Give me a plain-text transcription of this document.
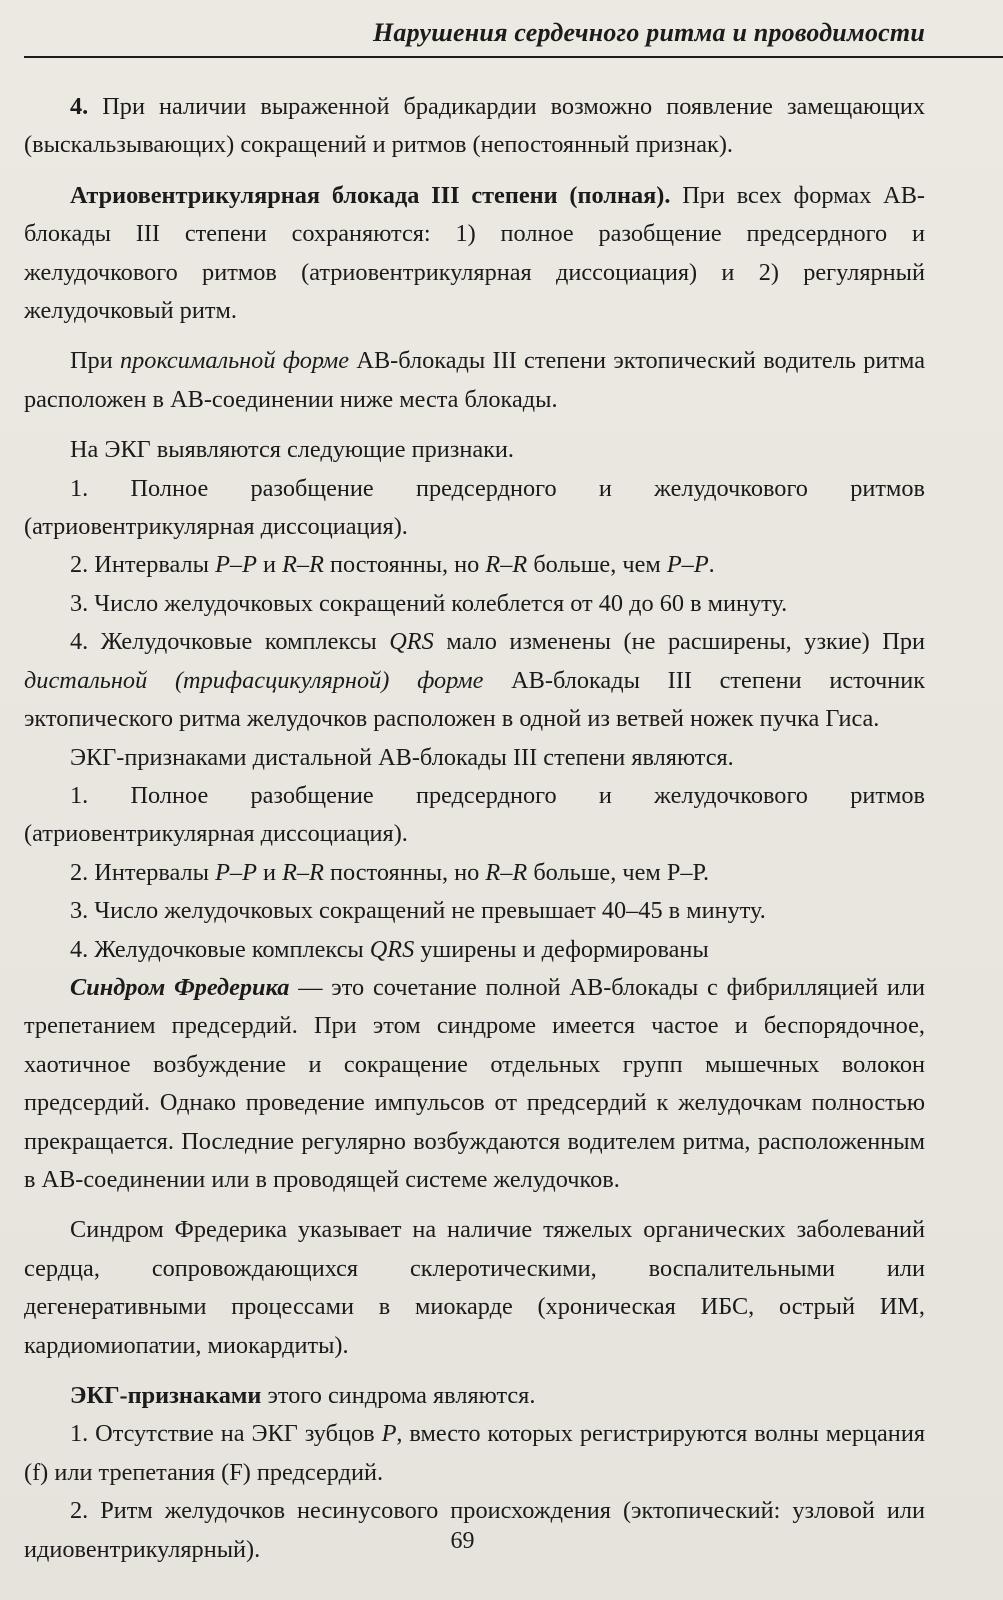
Нарушения сердечного ритма и проводимости

4. При наличии выраженной брадикардии возможно появление замещающих (выскальзывающих) сокращений и ритмов (непостоянный признак).

Атриовентрикулярная блокада III степени (полная). При всех формах АВ-блокады III степени сохраняются: 1) полное разобщение предсердного и желудочкового ритмов (атриовентрикулярная диссоциация) и 2) регулярный желудочковый ритм.

При проксимальной форме АВ-блокады III степени эктопический водитель ритма расположен в АВ-соединении ниже места блокады.

На ЭКГ выявляются следующие признаки.

1. Полное разобщение предсердного и желудочкового ритмов (атриовентрикулярная диссоциация).

2. Интервалы P–P и R–R постоянны, но R–R больше, чем P–P.

3. Число желудочковых сокращений колеблется от 40 до 60 в минуту.

4. Желудочковые комплексы QRS мало изменены (не расширены, узкие) При дистальной (трифасцикулярной) форме АВ-блокады III степени источник эктопического ритма желудочков расположен в одной из ветвей ножек пучка Гиса.

ЭКГ-признаками дистальной АВ-блокады III степени являются.

1. Полное разобщение предсердного и желудочкового ритмов (атриовентрикулярная диссоциация).

2. Интервалы P–P и R–R постоянны, но R–R больше, чем Р–Р.

3. Число желудочковых сокращений не превышает 40–45 в минуту.

4. Желудочковые комплексы QRS уширены и деформированы

Синдром Фредерика — это сочетание полной АВ-блокады с фибрилляцией или трепетанием предсердий. При этом синдроме имеется частое и беспорядочное, хаотичное возбуждение и сокращение отдельных групп мышечных волокон предсердий. Однако проведение импульсов от предсердий к желудочкам полностью прекращается. Последние регулярно возбуждаются водителем ритма, расположенным в АВ-соединении или в проводящей системе желудочков.

Синдром Фредерика указывает на наличие тяжелых органических заболеваний сердца, сопровождающихся склеротическими, воспалительными или дегенеративными процессами в миокарде (хроническая ИБС, острый ИМ, кардиомиопатии, миокардиты).

ЭКГ-признаками этого синдрома являются.

1. Отсутствие на ЭКГ зубцов P, вместо которых регистрируются волны мерцания (f) или трепетания (F) предсердий.

2. Ритм желудочков несинусового происхождения (эктопический: узловой или идиовентрикулярный).	69
